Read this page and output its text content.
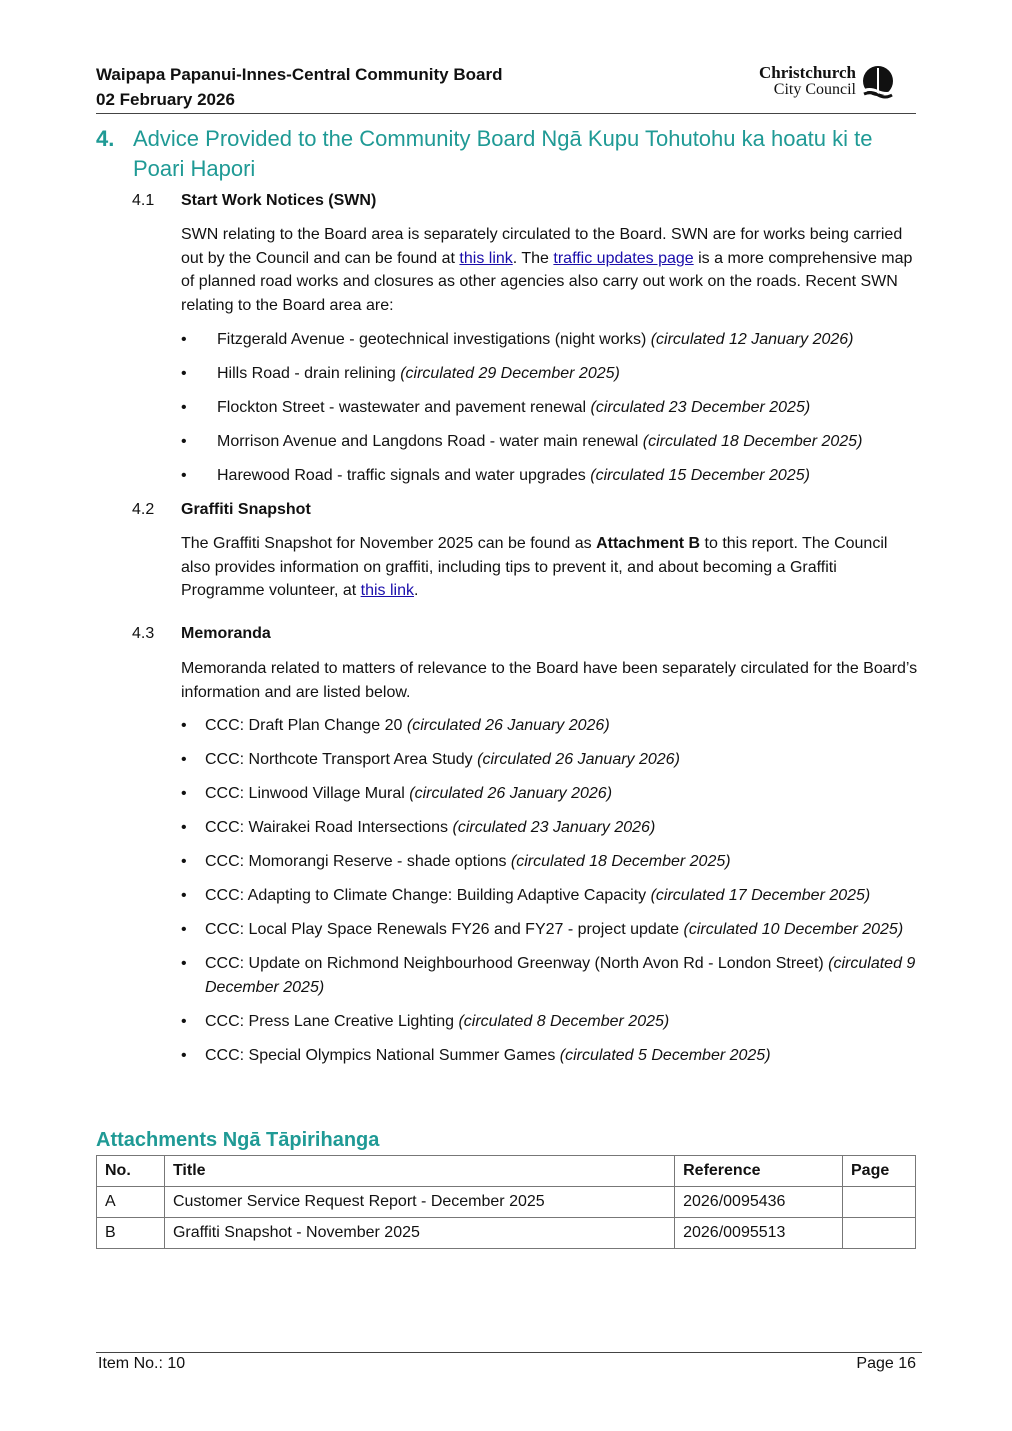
Waipapa Papanui-Innes-Central Community Board
02 February 2026
Christchurch
City Council
4. Advice Provided to the Community Board Ngā Kupu Tohutohu ka hoatu ki te Poari Hapori
4.1 Start Work Notices (SWN)
SWN relating to the Board area is separately circulated to the Board. SWN are for works being carried out by the Council and can be found at this link. The traffic updates page is a more comprehensive map of planned road works and closures as other agencies also carry out work on the roads. Recent SWN relating to the Board area are:
• Fitzgerald Avenue - geotechnical investigations (night works) (circulated 12 January 2026)
• Hills Road - drain relining (circulated 29 December 2025)
• Flockton Street - wastewater and pavement renewal (circulated 23 December 2025)
• Morrison Avenue and Langdons Road - water main renewal (circulated 18 December 2025)
• Harewood Road - traffic signals and water upgrades (circulated 15 December 2025)
4.2 Graffiti Snapshot
The Graffiti Snapshot for November 2025 can be found as Attachment B to this report. The Council also provides information on graffiti, including tips to prevent it, and about becoming a Graffiti Programme volunteer, at this link.
4.3 Memoranda
Memoranda related to matters of relevance to the Board have been separately circulated for the Board’s information and are listed below.
• CCC: Draft Plan Change 20 (circulated 26 January 2026)
• CCC: Northcote Transport Area Study (circulated 26 January 2026)
• CCC: Linwood Village Mural (circulated 26 January 2026)
• CCC: Wairakei Road Intersections (circulated 23 January 2026)
• CCC: Momorangi Reserve - shade options (circulated 18 December 2025)
• CCC: Adapting to Climate Change: Building Adaptive Capacity (circulated 17 December 2025)
• CCC: Local Play Space Renewals FY26 and FY27 - project update (circulated 10 December 2025)
• CCC: Update on Richmond Neighbourhood Greenway (North Avon Rd - London Street) (circulated 9 December 2025)
• CCC: Press Lane Creative Lighting (circulated 8 December 2025)
• CCC: Special Olympics National Summer Games (circulated 5 December 2025)
Attachments Ngā Tāpirihanga
No.	Title	Reference	Page
A	Customer Service Request Report - December 2025	2026/0095436	
B	Graffiti Snapshot - November 2025	2026/0095513	
Item No.: 10	Page 16
